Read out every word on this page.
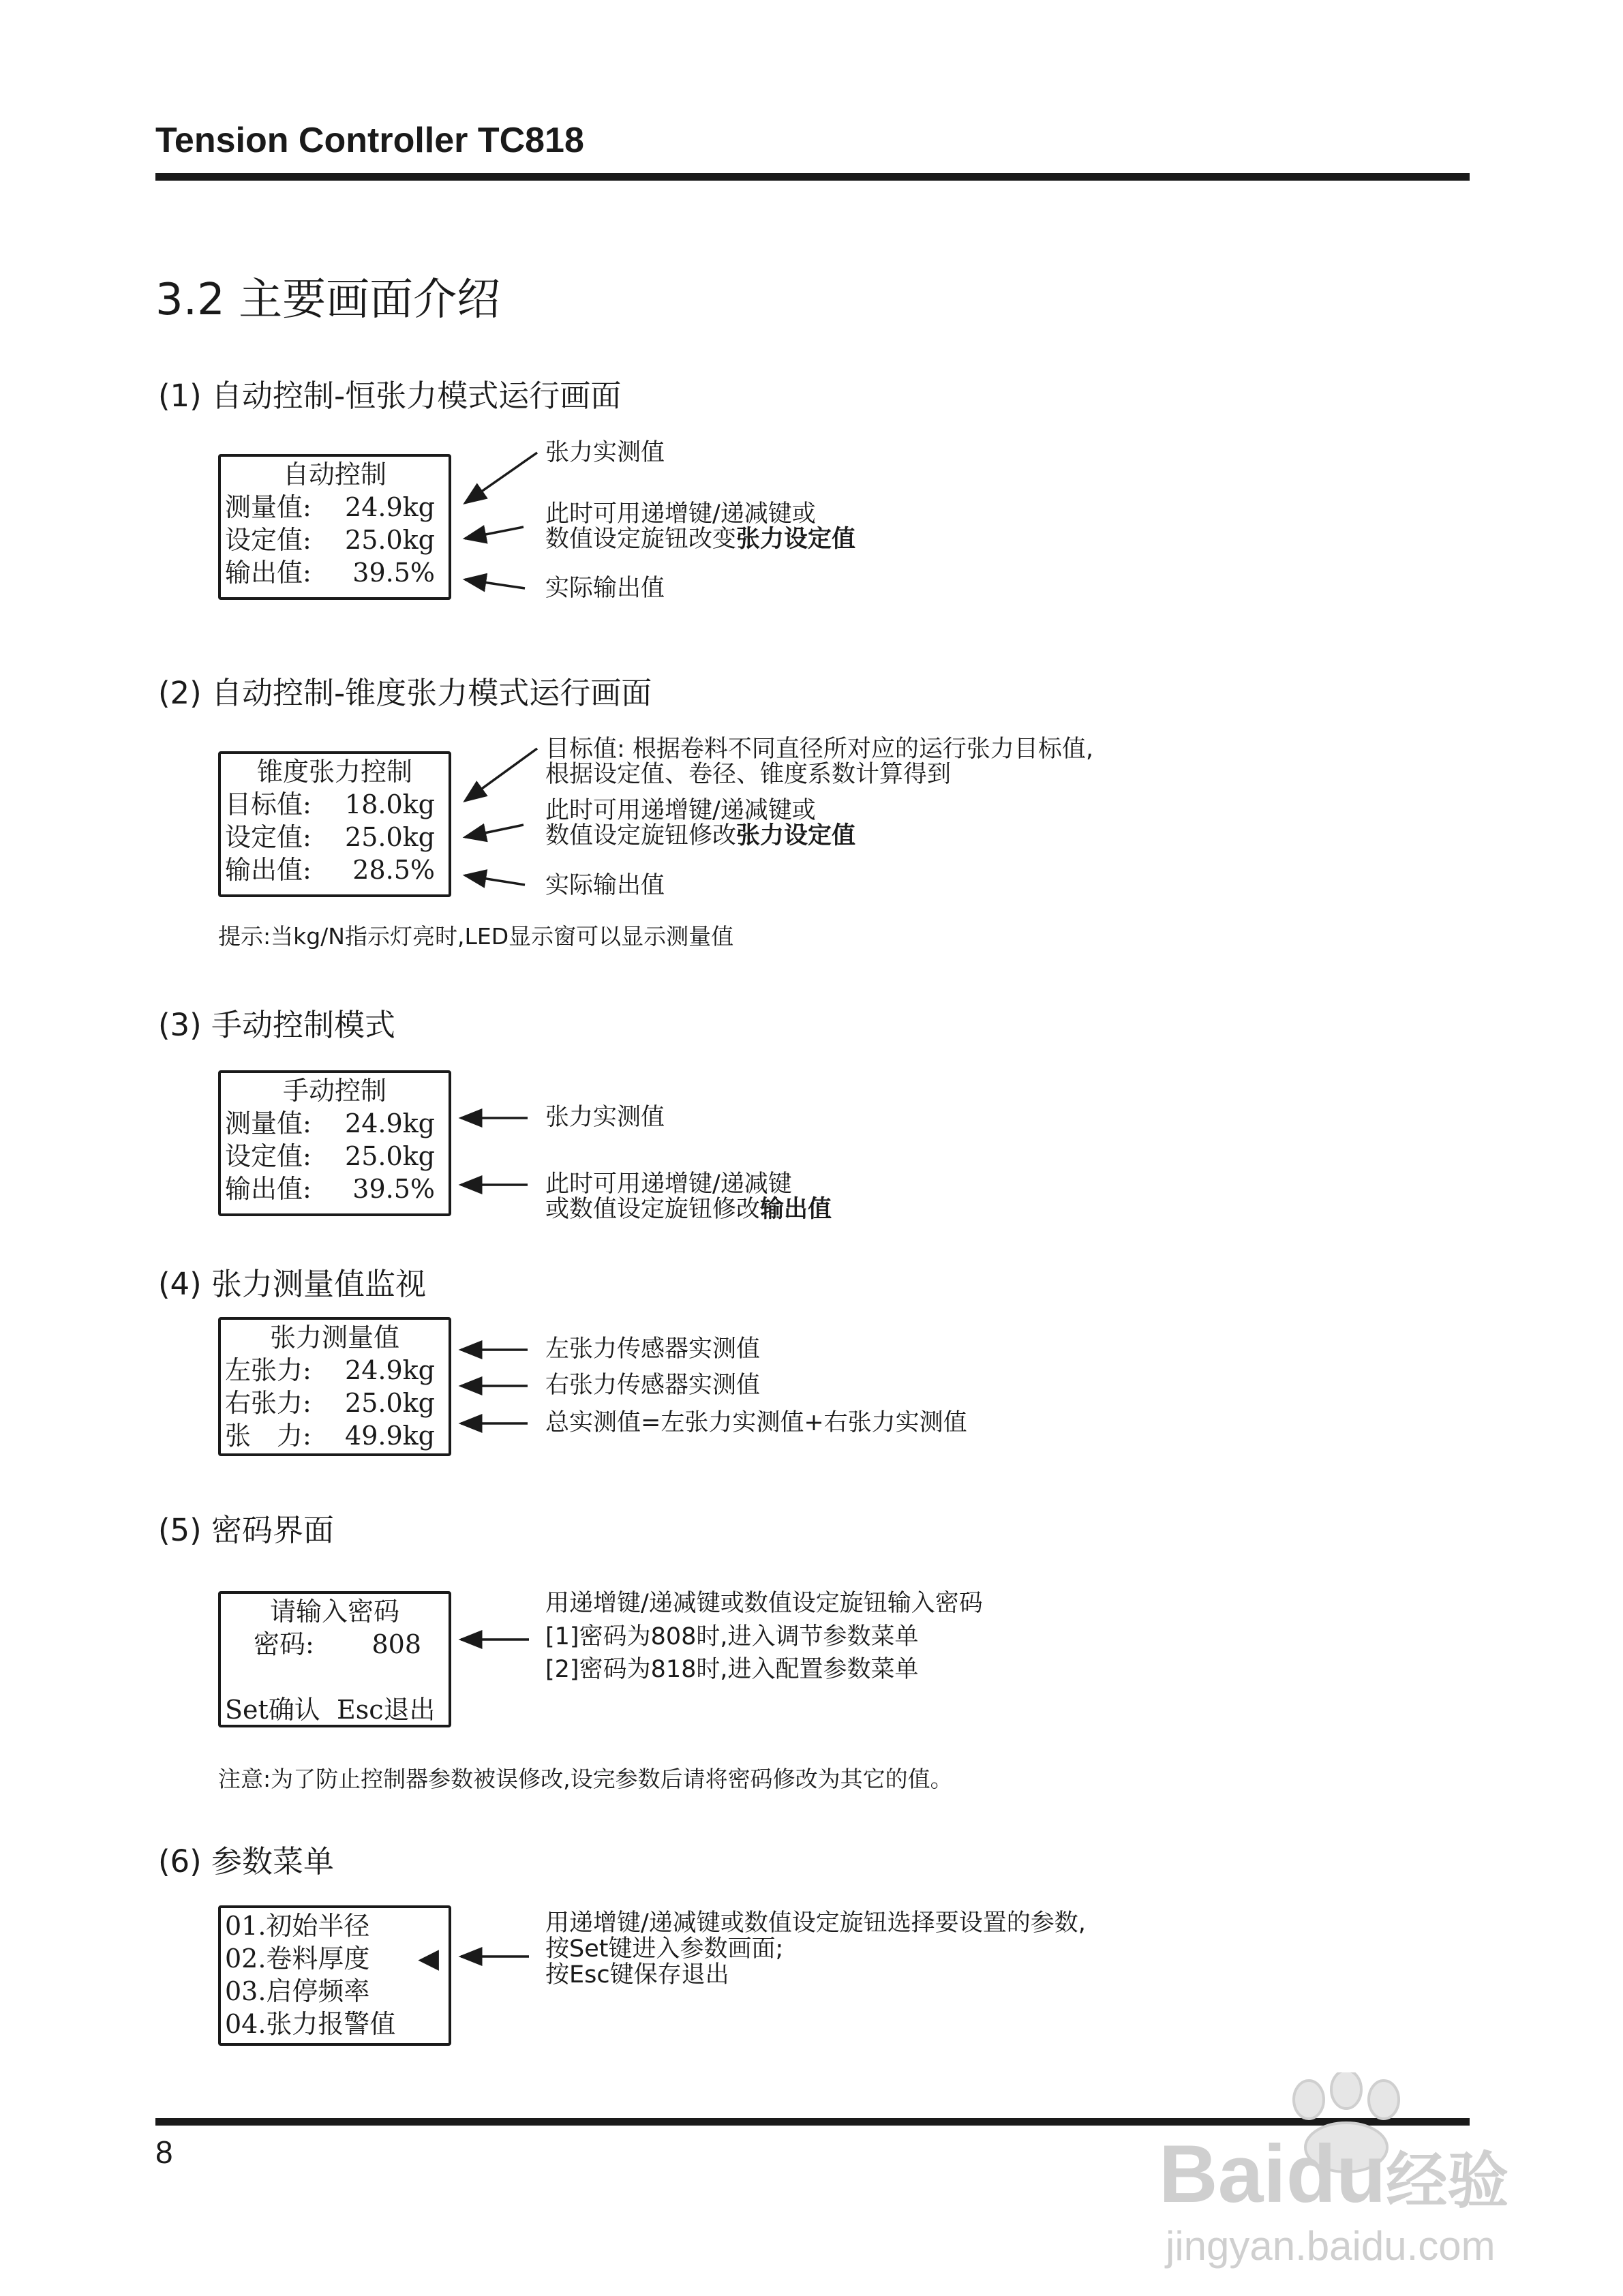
Tension Controller TC818
3.2 主要画面介绍
(1) 自动控制-恒张力模式运行画面
自动控制
测量值: 24.9kg
设定值: 25.0kg
输出值: 39.5%
张力实测值
此时可用递增键/递减键或
数值设定旋钮改变张力设定值
实际输出值
(2) 自动控制-锥度张力模式运行画面
锥度张力控制
目标值: 18.0kg
设定值: 25.0kg
输出值: 28.5%
目标值: 根据卷料不同直径所对应的运行张力目标值,
根据设定值、卷径、锥度系数计算得到
此时可用递增键/递减键或
数值设定旋钮修改张力设定值
实际输出值
提示:当kg/N指示灯亮时,LED显示窗可以显示测量值
(3) 手动控制模式
手动控制
测量值: 24.9kg
设定值: 25.0kg
输出值: 39.5%
张力实测值
此时可用递增键/递减键
或数值设定旋钮修改输出值
(4) 张力测量值监视
张力测量值
左张力: 24.9kg
右张力: 25.0kg
张　力: 49.9kg
左张力传感器实测值
右张力传感器实测值
总实测值=左张力实测值+右张力实测值
(5) 密码界面
请输入密码
密码: 808
Set确认  Esc退出
用递增键/递减键或数值设定旋钮输入密码
[1]密码为808时,进入调节参数菜单
[2]密码为818时,进入配置参数菜单
注意:为了防止控制器参数被误修改,设完参数后请将密码修改为其它的值。
(6) 参数菜单
01.初始半径
02.卷料厚度 ◀
03.启停频率
04.张力报警值
用递增键/递减键或数值设定旋钮选择要设置的参数,
按Set键进入参数画面;
按Esc键保存退出
8	Baidu经验
jingyan.baidu.com
